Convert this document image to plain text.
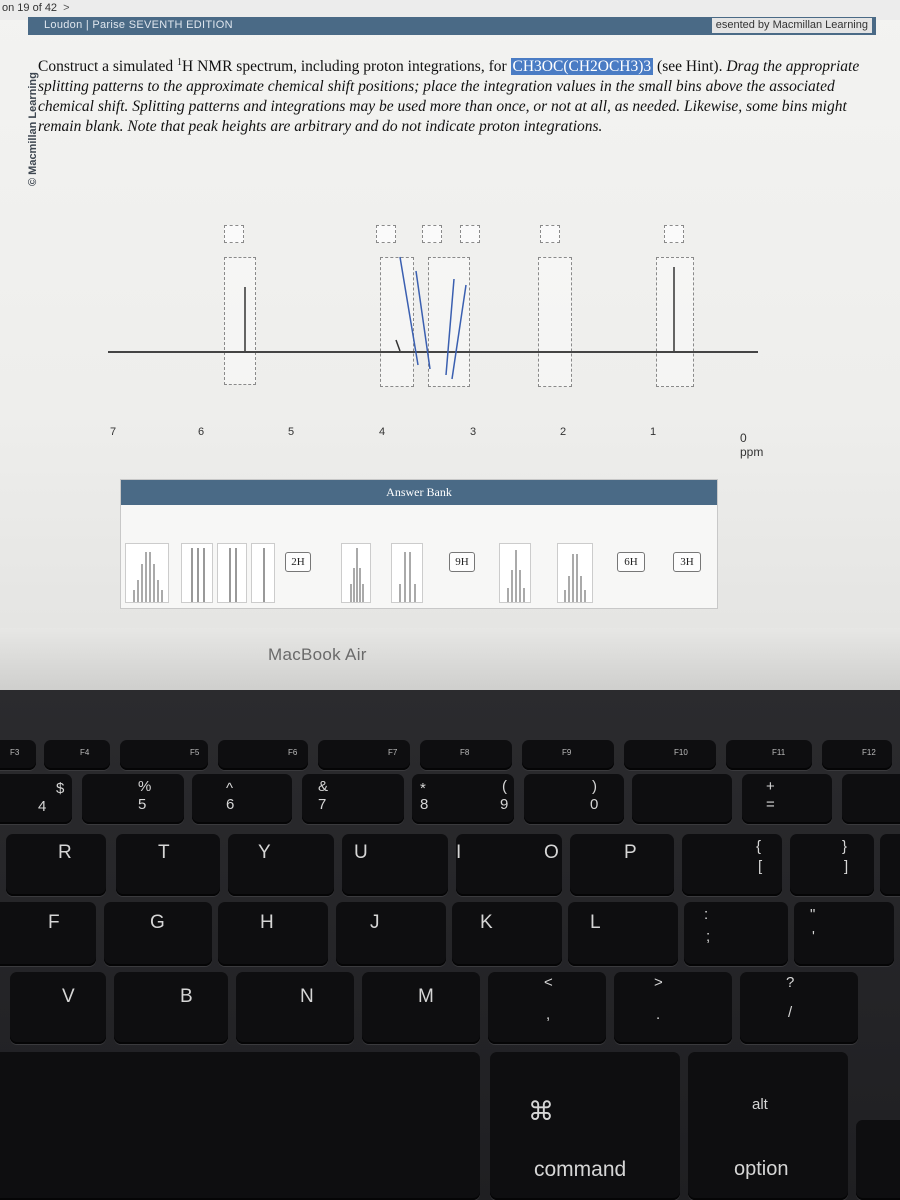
on 19 of 42 >
Loudon | Parise SEVENTH EDITION	esented by Macmillan Learning
© Macmillan Learning
Construct a simulated $^1$H NMR spectrum, including proton integrations, for CH3OC(CH2OCH3)3 (see Hint). Drag the appropriate splitting patterns to the approximate chemical shift positions; place the integration values in the small bins above the associated chemical shift. Splitting patterns and integrations may be used more than once, or not at all, as needed. Likewise, some bins might remain blank. Note that peak heights are arbitrary and do not indicate proton integrations.
7	6	5	4	3	2	1	0 ppm
Answer Bank
2H	9H	6H	3H
MacBook Air
F3	F4	F5	F6	F7	F8	F9	F10	F11	F12
$
4
%
5
^
6
&
7
*
8
(
9
)
0
+
=
R	T	Y	U	I	O	P	{
[
}
]
F	G	H	J	K	L	:
;
"
'
V	B	N	M
<
,
>
.
?
/
⌘
command
alt
option
